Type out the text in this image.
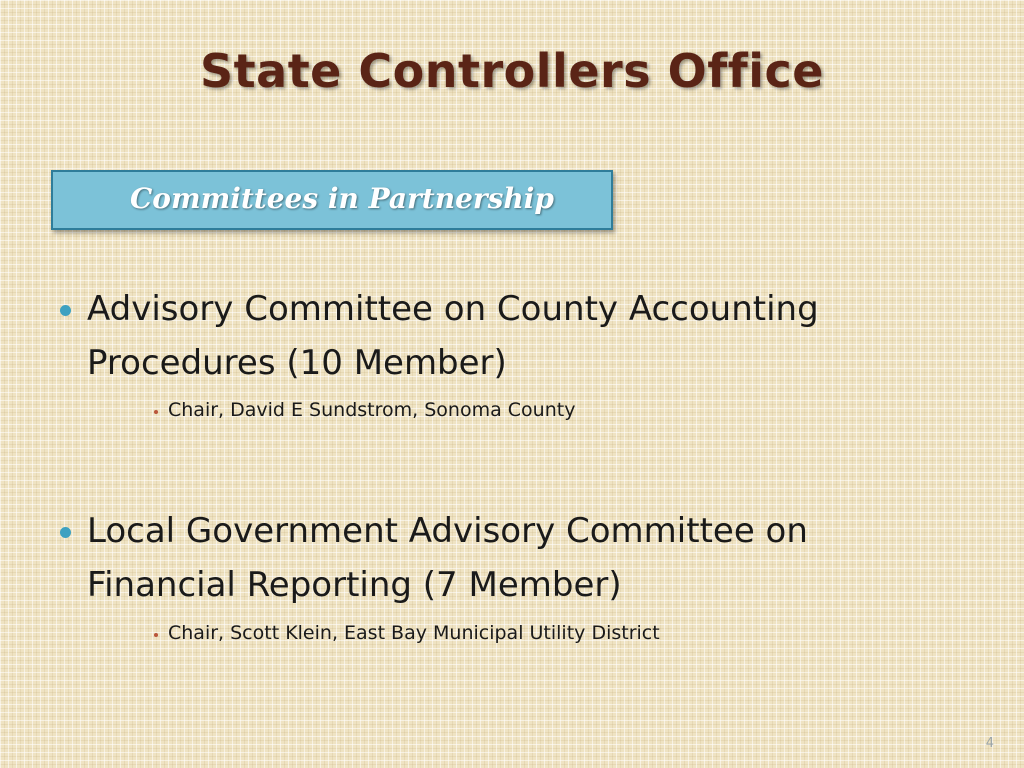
State Controllers Office
Committees in Partnership
Advisory Committee on County Accounting Procedures (10 Member)
Chair, David E Sundstrom, Sonoma County
Local Government Advisory Committee on Financial Reporting (7 Member)
Chair, Scott Klein, East Bay Municipal Utility District
4
